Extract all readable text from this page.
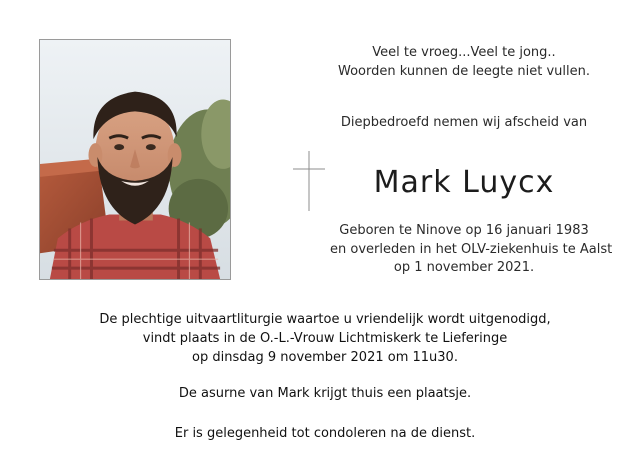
Veel te vroeg...Veel te jong..
Woorden kunnen de leegte niet vullen.
Diepbedroefd nemen wij afscheid van
Mark Luycx
Geboren te Ninove op 16 januari 1983
en overleden in het OLV-ziekenhuis te Aalst
op 1 november 2021.
De plechtige uitvaartliturgie waartoe u vriendelijk wordt uitgenodigd,
vindt plaats in de O.-L.-Vrouw Lichtmiskerk te Lieferinge
op dinsdag 9 november 2021 om 11u30.
De asurne van Mark krijgt thuis een plaatsje.
Er is gelegenheid tot condoleren na de dienst.
